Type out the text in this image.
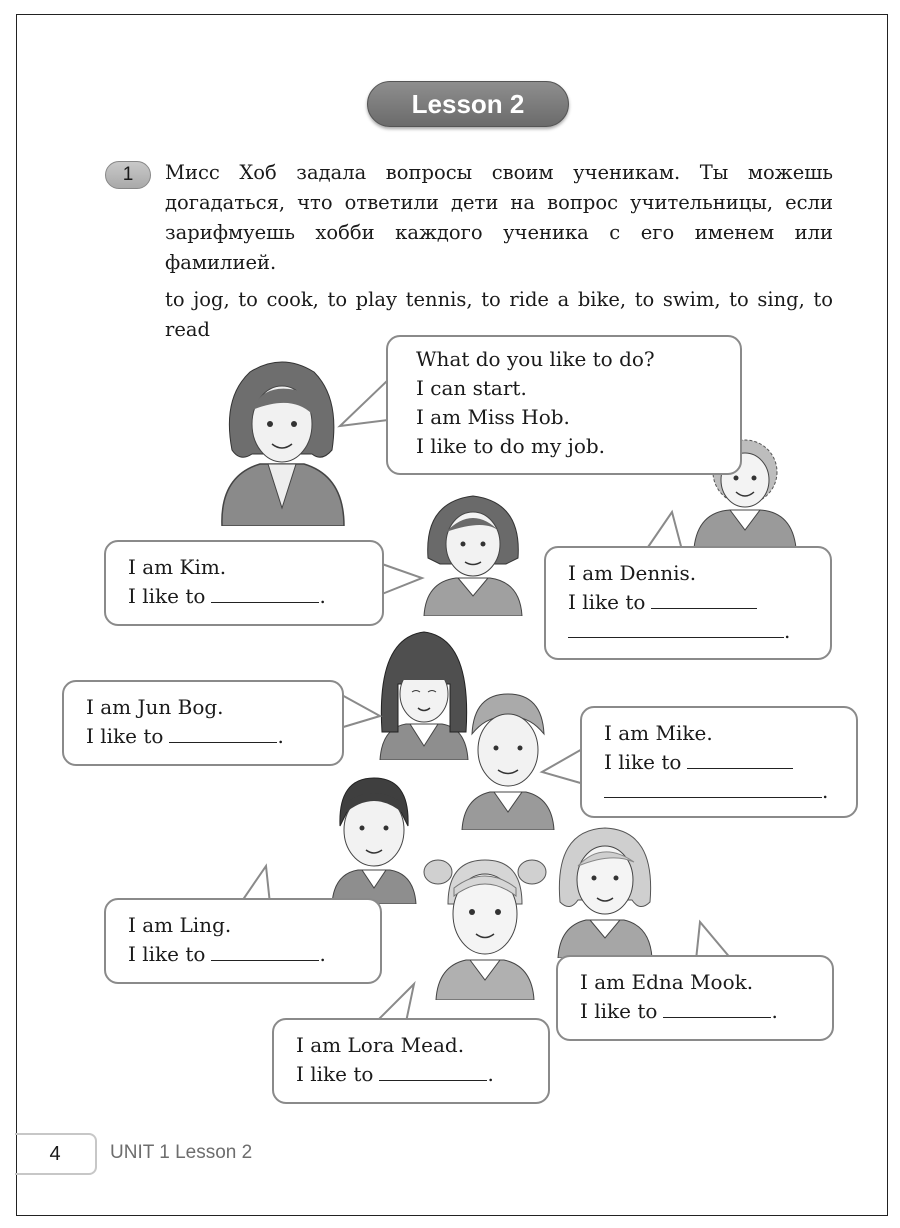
Lesson 2
1	Мисс Хоб задала вопросы своим ученикам. Ты можешь догадаться, что ответили дети на вопрос учительницы, если зарифмуешь хобби каждого ученика с его именем или фамилией.
to jog, to cook, to play tennis, to ride a bike, to swim, to sing, to read
What do you like to do?
I can start.
I am Miss Hob.
I like to do my job.
I am Kim.
I like to	.
I am Dennis.
I like to
.
I am Jun Bog.
I like to	.	I am Mike.
I like to
.
I am Ling.
I like to	.
I am Edna Mook.
I like to	.
I am Lora Mead.
I like to	.
4	UNIT 1 Lesson 2
